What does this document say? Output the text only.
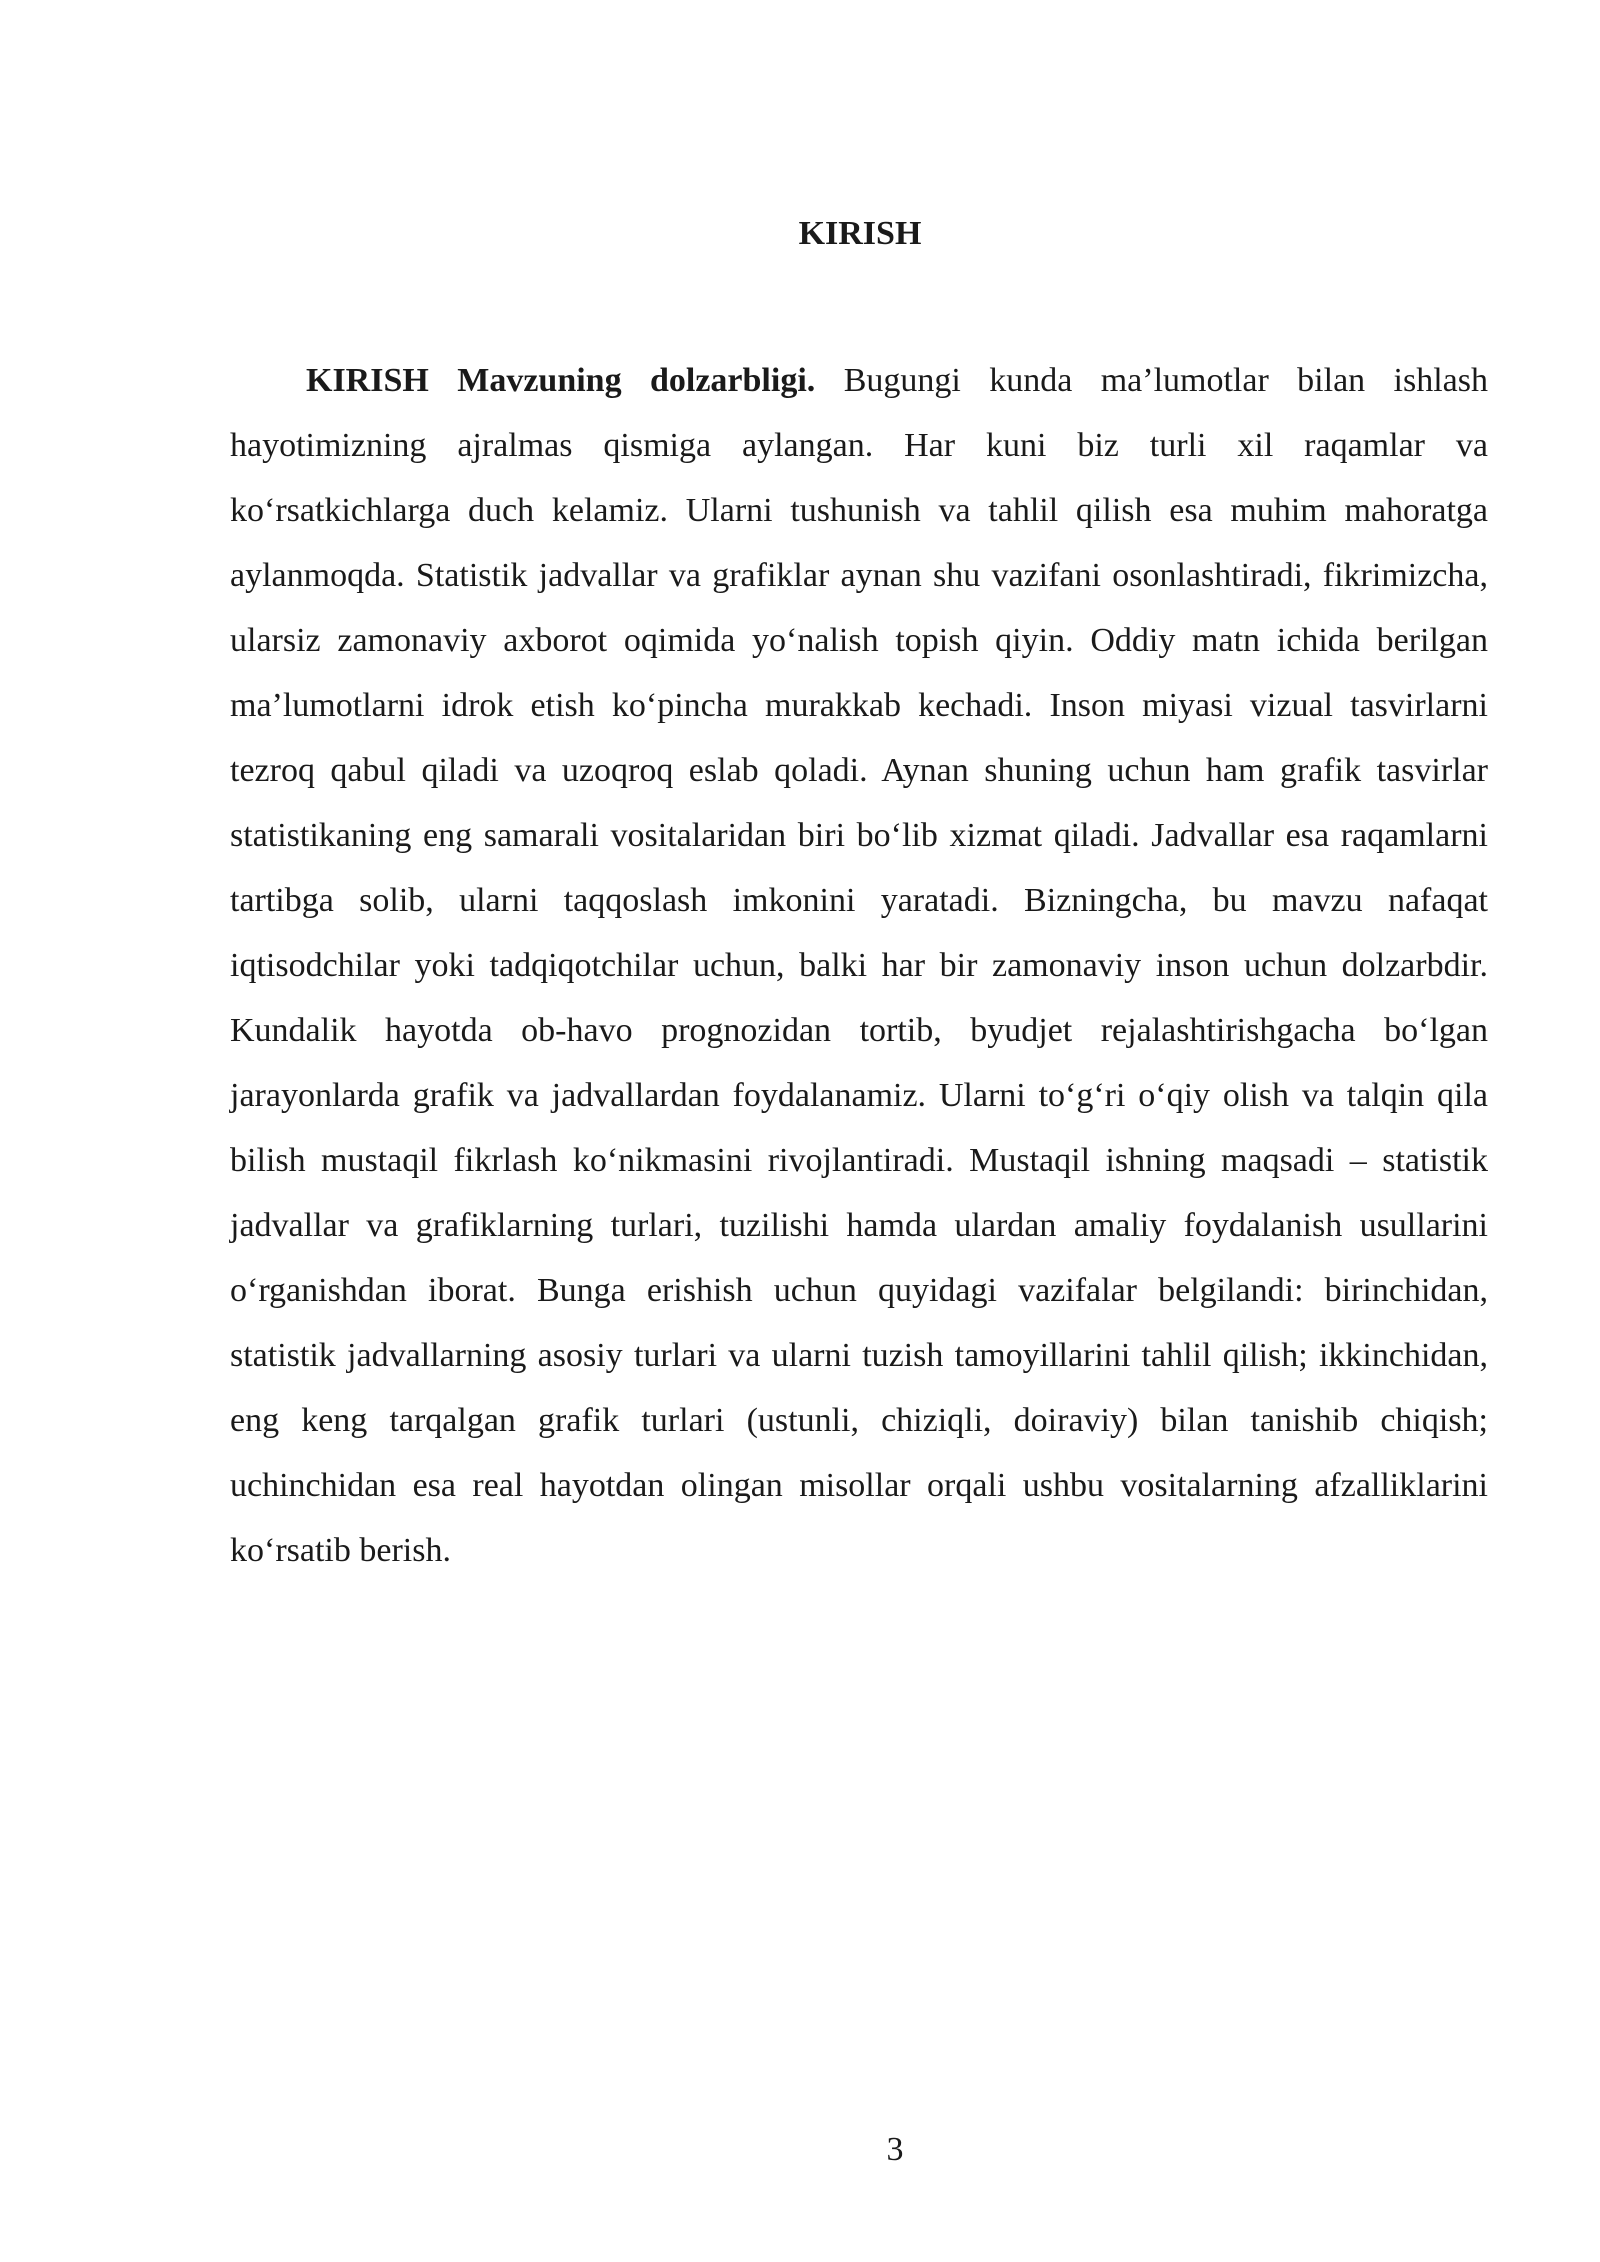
KIRISH

KIRISH Mavzuning dolzarbligi. Bugungi kunda ma’lumotlar bilan ishlash hayotimizning ajralmas qismiga aylangan. Har kuni biz turli xil raqamlar va ko‘rsatkichlarga duch kelamiz. Ularni tushunish va tahlil qilish esa muhim mahoratga aylanmoqda. Statistik jadvallar va grafiklar aynan shu vazifani osonlashtiradi, fikrimizcha, ularsiz zamonaviy axborot oqimida yo‘nalish topish qiyin. Oddiy matn ichida berilgan ma’lumotlarni idrok etish ko‘pincha murakkab kechadi. Inson miyasi vizual tasvirlarni tezroq qabul qiladi va uzoqroq eslab qoladi. Aynan shuning uchun ham grafik tasvirlar statistikaning eng samarali vositalaridan biri bo‘lib xizmat qiladi. Jadvallar esa raqamlarni tartibga solib, ularni taqqoslash imkonini yaratadi. Bizningcha, bu mavzu nafaqat iqtisodchilar yoki tadqiqotchilar uchun, balki har bir zamonaviy inson uchun dolzarbdir. Kundalik hayotda ob-havo prognozidan tortib, byudjet rejalashtirishgacha bo‘lgan jarayonlarda grafik va jadvallardan foydalanamiz. Ularni to‘g‘ri o‘qiy olish va talqin qila bilish mustaqil fikrlash ko‘nikmasini rivojlantiradi. Mustaqil ishning maqsadi – statistik jadvallar va grafiklarning turlari, tuzilishi hamda ulardan amaliy foydalanish usullarini o‘rganishdan iborat. Bunga erishish uchun quyidagi vazifalar belgilandi: birinchidan, statistik jadvallarning asosiy turlari va ularni tuzish tamoyillarini tahlil qilish; ikkinchidan, eng keng tarqalgan grafik turlari (ustunli, chiziqli, doiraviy) bilan tanishib chiqish; uchinchidan esa real hayotdan olingan misollar orqali ushbu vositalarning afzalliklarini ko‘rsatib berish.

3
